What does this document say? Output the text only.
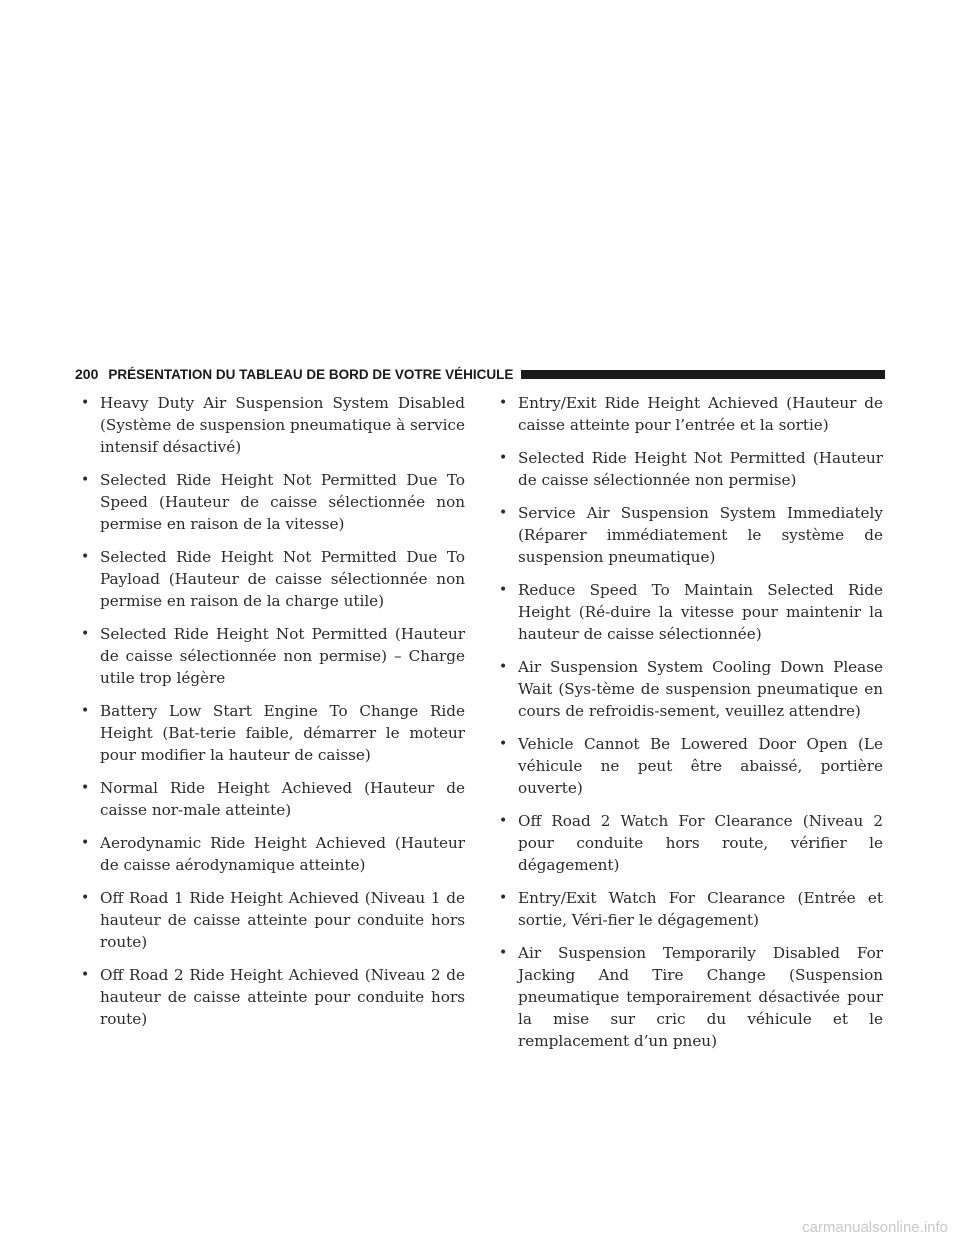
200 PRÉSENTATION DU TABLEAU DE BORD DE VOTRE VÉHICULE
• Heavy Duty Air Suspension System Disabled (Système de suspension pneumatique à service intensif désactivé)
• Selected Ride Height Not Permitted Due To Speed (Hauteur de caisse sélectionnée non permise en raison de la vitesse)
• Selected Ride Height Not Permitted Due To Payload (Hauteur de caisse sélectionnée non permise en raison de la charge utile)
• Selected Ride Height Not Permitted (Hauteur de caisse sélectionnée non permise) – Charge utile trop légère
• Battery Low Start Engine To Change Ride Height (Bat-terie faible, démarrer le moteur pour modifier la hauteur de caisse)
• Normal Ride Height Achieved (Hauteur de caisse nor-male atteinte)
• Aerodynamic Ride Height Achieved (Hauteur de caisse aérodynamique atteinte)
• Off Road 1 Ride Height Achieved (Niveau 1 de hauteur de caisse atteinte pour conduite hors route)
• Off Road 2 Ride Height Achieved (Niveau 2 de hauteur de caisse atteinte pour conduite hors route)
• Entry/Exit Ride Height Achieved (Hauteur de caisse atteinte pour l’entrée et la sortie)
• Selected Ride Height Not Permitted (Hauteur de caisse sélectionnée non permise)
• Service Air Suspension System Immediately (Réparer immédiatement le système de suspension pneumatique)
• Reduce Speed To Maintain Selected Ride Height (Ré-duire la vitesse pour maintenir la hauteur de caisse sélectionnée)
• Air Suspension System Cooling Down Please Wait (Sys-tème de suspension pneumatique en cours de refroidis-sement, veuillez attendre)
• Vehicle Cannot Be Lowered Door Open (Le véhicule ne peut être abaissé, portière ouverte)
• Off Road 2 Watch For Clearance (Niveau 2 pour conduite hors route, vérifier le dégagement)
• Entry/Exit Watch For Clearance (Entrée et sortie, Véri-fier le dégagement)
• Air Suspension Temporarily Disabled For Jacking And Tire Change (Suspension pneumatique temporairement désactivée pour la mise sur cric du véhicule et le remplacement d’un pneu)
carmanualsonline.info
